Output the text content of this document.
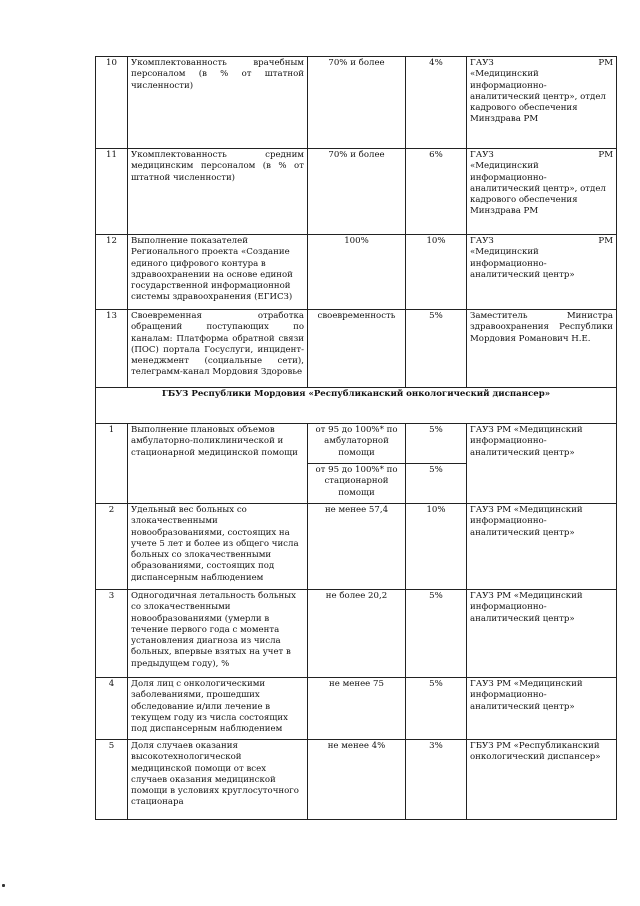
10	Укомплектованность врачебным персоналом (в % от штатной численности)	70% и более	4%	ГАУЗ РМ
«Медицинский информационно-аналитический центр», отдел кадрового обеспечения Минздрава РМ

11	Укомплектованность средним медицинским персоналом (в % от штатной численности)	70% и более	6%	ГАУЗ РМ
«Медицинский информационно-аналитический центр», отдел кадрового обеспечения Минздрава РМ

12	Выполнение показателей Регионального проекта «Создание единого цифрового контура в здравоохранении на основе единой государственной информационной системы здравоохранения (ЕГИСЗ)	100%	10%	ГАУЗ РМ
«Медицинский информационно-аналитический центр»

13	Своевременная отработка обращений поступающих по каналам: Платформа обратной связи (ПОС) портала Госуслуги, инцидент-менеджмент (социальные сети), телеграмм-канал Мордовия Здоровье	своевременность	5%	Заместитель Министра здравоохранения Республики Мордовия Романович Н.Е.
ГБУЗ Республики Мордовия «Республиканский онкологический диспансер»				
1	Выполнение плановых объемов амбулаторно-поликлинической и стационарной медицинской помощи	от 95 до 100%* по амбулаторной помощи	5%	ГАУЗ РМ «Медицинский информационно-аналитический центр»
		от 95 до 100%* по стационарной помощи	5%	
2	Удельный вес больных со злокачественными новообразованиями, состоящих на учете 5 лет и более из общего числа больных со злокачественными образованиями, состоящих под диспансерным наблюдением	не менее 57,4	10%	ГАУЗ РМ «Медицинский информационно-аналитический центр»
3	Одногодичная летальность больных со злокачественными новообразованиями (умерли в течение первого года с момента установления диагноза из числа больных, впервые взятых на учет в предыдущем году), %	не более 20,2	5%	ГАУЗ РМ «Медицинский информационно-аналитический центр»
4	Доля лиц с онкологическими заболеваниями, прошедших обследование и/или лечение в текущем году из числа состоящих под диспансерным наблюдением	не менее 75	5%	ГАУЗ РМ «Медицинский информационно-аналитический центр»
5	Доля случаев оказания высокотехнологической медицинской помощи от всех случаев оказания медицинской помощи в условиях круглосуточного стационара	не менее 4%	3%	ГБУЗ РМ «Республиканский онкологический диспансер»
